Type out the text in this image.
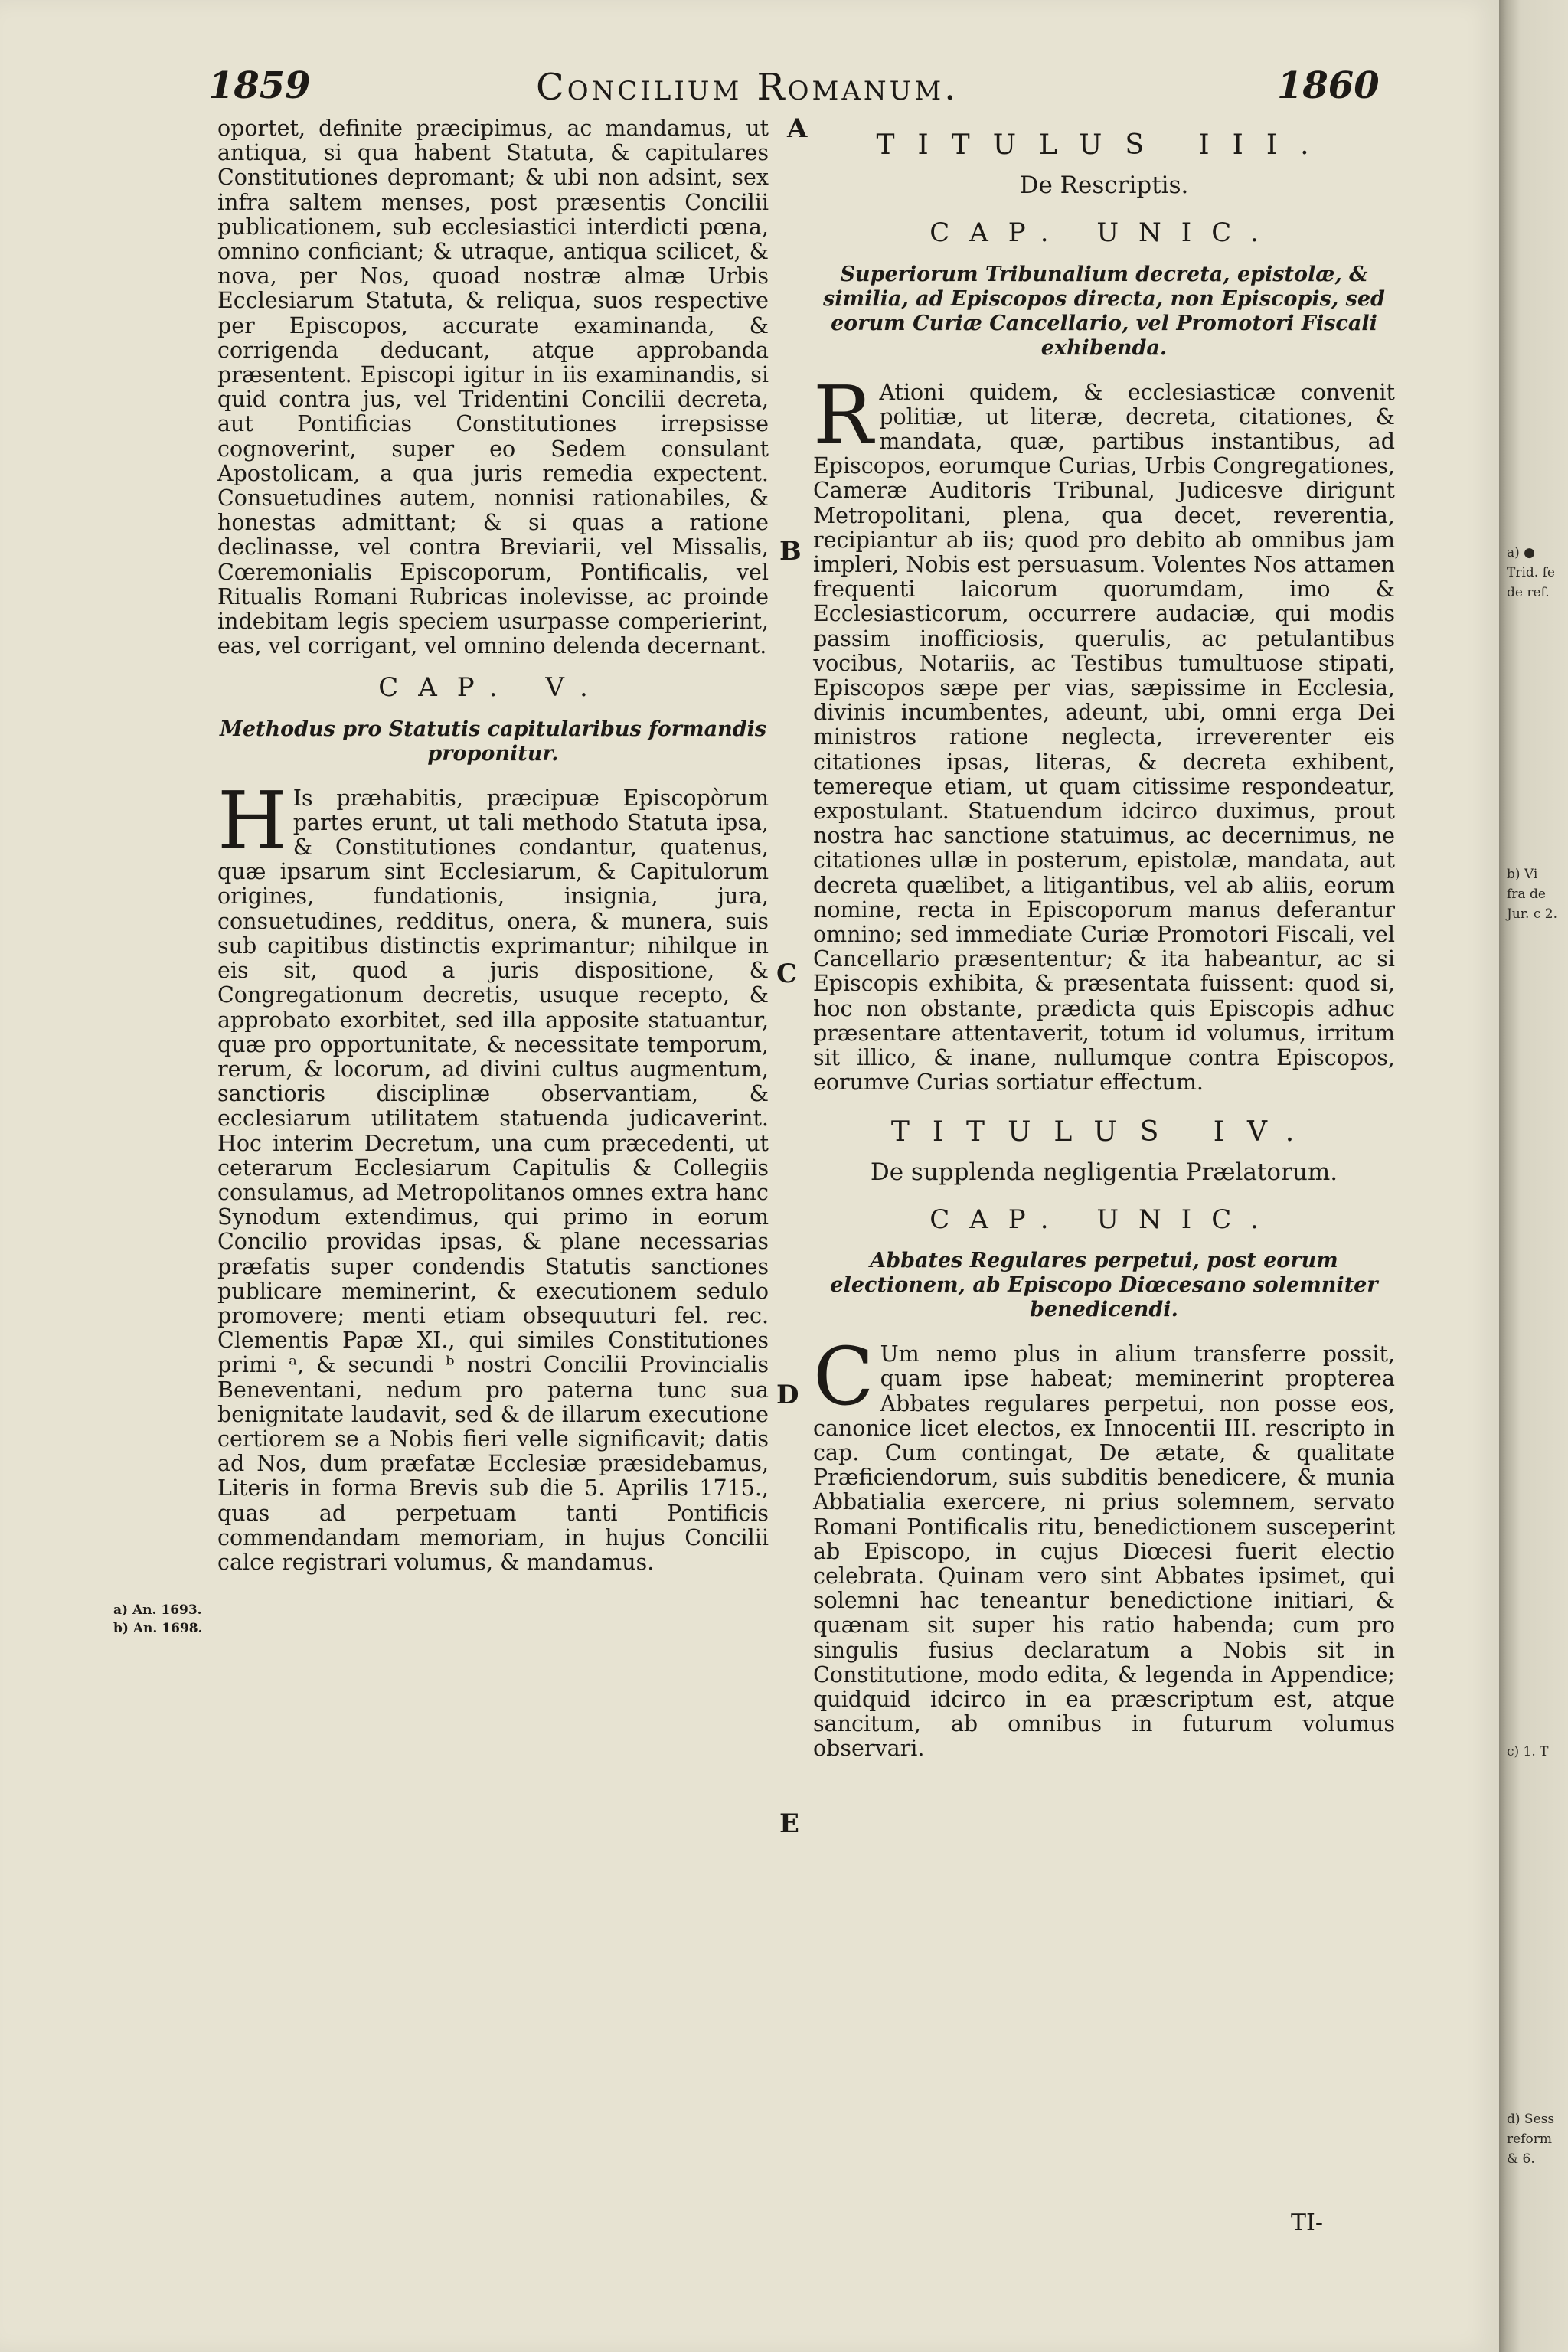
1859	Concilium Romanum.	1860
A
B
C
D
E
a) An. 1693.
b) An. 1698.
a) ●
Trid. fe
de ref.
b) Vi
fra de
Jur. c 2.
c) 1. T
d) Sess
reform
& 6.

oportet, definite præcipimus, ac mandamus, ut antiqua, si qua habent Statuta, & capitulares Constitutiones depromant; & ubi non adsint, sex infra saltem menses, post præsentis Concilii publicationem, sub ecclesiastici interdicti pœna, omnino conficiant; & utraque, antiqua scilicet, & nova, per Nos, quoad nostræ almæ Urbis Ecclesiarum Statuta, & reliqua, suos respective per Episcopos, accurate examinanda, & corrigenda deducant, atque approbanda præsentent. Episcopi igitur in iis examinandis, si quid contra jus, vel Tridentini Concilii decreta, aut Pontificias Constitutiones irrepsisse cognoverint, super eo Sedem consulant Apostolicam, a qua juris remedia expectent. Consuetudines autem, nonnisi rationabiles, & honestas admittant; & si quas a ratione declinasse, vel contra Breviarii, vel Missalis, Cœremonialis Episcoporum, Pontificalis, vel Ritualis Romani Rubricas inolevisse, ac proinde indebitam legis speciem usurpasse comperierint, eas, vel corrigant, vel omnino delenda decernant.

CAP. V.
Methodus pro Statutis capitularibus formandis proponitur.

H Is præhabitis, præcipuæ Episcopòrum partes erunt, ut tali methodo Statuta ipsa, & Constitutiones condantur, quatenus, quæ ipsarum sint Ecclesiarum, & Capitulorum origines, fundationis, insignia, jura, consuetudines, redditus, onera, & munera, suis sub capitibus distinctis exprimantur; nihilque in eis sit, quod a juris dispositione, & Congregationum decretis, usuque recepto, & approbato exorbitet, sed illa apposite statuantur, quæ pro opportunitate, & necessitate temporum, rerum, & locorum, ad divini cultus augmentum, sanctioris disciplinæ observantiam, & ecclesiarum utilitatem statuenda judicaverint. Hoc interim Decretum, una cum præcedenti, ut ceterarum Ecclesiarum Capitulis & Collegiis consulamus, ad Metropolitanos omnes extra hanc Synodum extendimus, qui primo in eorum Concilio providas ipsas, & plane necessarias præfatis super condendis Statutis sanctiones publicare meminerint, & executionem sedulo promovere; menti etiam obsequuturi fel. rec. Clementis Papæ XI., qui similes Constitutiones primi ᵃ, & secundi ᵇ nostri Concilii Provincialis Beneventani, nedum pro paterna tunc sua benignitate laudavit, sed & de illarum executione certiorem se a Nobis fieri velle significavit; datis ad Nos, dum præfatæ Ecclesiæ præsidebamus, Literis in forma Brevis sub die 5. Aprilis 1715., quas ad perpetuam tanti Pontificis commendandam memoriam, in hujus Concilii calce registrari volumus, & mandamus.

TITULUS III.
De Rescriptis.
CAP. UNIC.
Superiorum Tribunalium decreta, epistolæ, & similia, ad Episcopos directa, non Episcopis, sed eorum Curiæ Cancellario, vel Promotori Fiscali exhibenda.

R Ationi quidem, & ecclesiasticæ convenit politiæ, ut literæ, decreta, citationes, & mandata, quæ, partibus instantibus, ad Episcopos, eorumque Curias, Urbis Congregationes, Cameræ Auditoris Tribunal, Judicesve dirigunt Metropolitani, plena, qua decet, reverentia, recipiantur ab iis; quod pro debito ab omnibus jam impleri, Nobis est persuasum. Volentes Nos attamen frequenti laicorum quorumdam, imo & Ecclesiasticorum, occurrere audaciæ, qui modis passim inofficiosis, querulis, ac petulantibus vocibus, Notariis, ac Testibus tumultuose stipati, Episcopos sæpe per vias, sæpissime in Ecclesia, divinis incumbentes, adeunt, ubi, omni erga Dei ministros ratione neglecta, irreverenter eis citationes ipsas, literas, & decreta exhibent, temereque etiam, ut quam citissime respondeatur, expostulant. Statuendum idcirco duximus, prout nostra hac sanctione statuimus, ac decernimus, ne citationes ullæ in posterum, epistolæ, mandata, aut decreta quælibet, a litigantibus, vel ab aliis, eorum nomine, recta in Episcoporum manus deferantur omnino; sed immediate Curiæ Promotori Fiscali, vel Cancellario præsententur; & ita habeantur, ac si Episcopis exhibita, & præsentata fuissent: quod si, hoc non obstante, prædicta quis Episcopis adhuc præsentare attentaverit, totum id volumus, irritum sit illico, & inane, nullumque contra Episcopos, eorumve Curias sortiatur effectum.

TITULUS IV.
De supplenda negligentia Prælatorum.
CAP. UNIC.
Abbates Regulares perpetui, post eorum electionem, ab Episcopo Diœcesano solemniter benedicendi.

C Um nemo plus in alium transferre possit, quam ipse habeat; meminerint propterea Abbates regulares perpetui, non posse eos, canonice licet electos, ex Innocentii III. rescripto in cap. Cum contingat, De ætate, & qualitate Præficiendorum, suis subditis benedicere, & munia Abbatialia exercere, ni prius solemnem, servato Romani Pontificalis ritu, benedictionem susceperint ab Episcopo, in cujus Diœcesi fuerit electio celebrata. Quinam vero sint Abbates ipsimet, qui solemni hac teneantur benedictione initiari, & quænam sit super his ratio habenda; cum pro singulis fusius declaratum a Nobis sit in Constitutione, modo edita, & legenda in Appendice; quidquid idcirco in ea præscriptum est, atque sancitum, ab omnibus in futurum volumus observari.

TI-
